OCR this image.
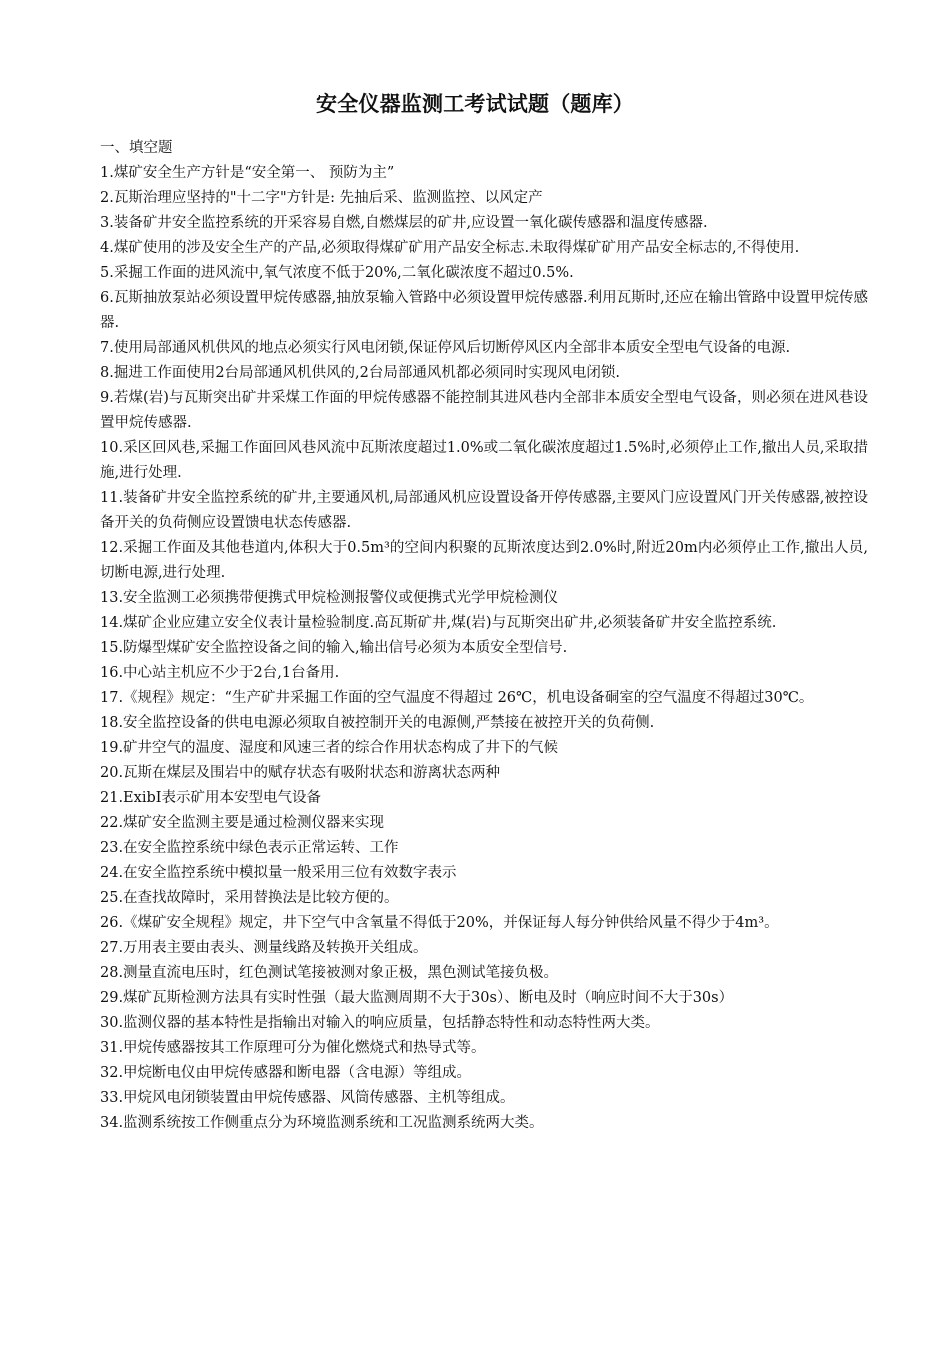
安全仪器监测工考试试题（题库）

一、填空题

1.煤矿安全生产方针是“安全第一、 预防为主”

2.瓦斯治理应坚持的"十二字"方针是: 先抽后采、监测监控、以风定产

3.装备矿井安全监控系统的开采容易自燃,自燃煤层的矿井,应设置一氧化碳传感器和温度传感器.

4.煤矿使用的涉及安全生产的产品,必须取得煤矿矿用产品安全标志.未取得煤矿矿用产品安全标志的,不得使用.

5.采掘工作面的进风流中,氧气浓度不低于20%,二氧化碳浓度不超过0.5%.

6.瓦斯抽放泵站必须设置甲烷传感器,抽放泵输入管路中必须设置甲烷传感器.利用瓦斯时,还应在输出管路中设置甲烷传感器.

7.使用局部通风机供风的地点必须实行风电闭锁,保证停风后切断停风区内全部非本质安全型电气设备的电源.

8.掘进工作面使用2台局部通风机供风的,2台局部通风机都必须同时实现风电闭锁.

9.若煤(岩)与瓦斯突出矿井采煤工作面的甲烷传感器不能控制其进风巷内全部非本质安全型电气设备，则必须在进风巷设置甲烷传感器.

10.采区回风巷,采掘工作面回风巷风流中瓦斯浓度超过1.0%或二氧化碳浓度超过1.5%时,必须停止工作,撤出人员,采取措施,进行处理.

11.装备矿井安全监控系统的矿井,主要通风机,局部通风机应设置设备开停传感器,主要风门应设置风门开关传感器,被控设备开关的负荷侧应设置馈电状态传感器.

12.采掘工作面及其他巷道内,体积大于0.5m³的空间内积聚的瓦斯浓度达到2.0%时,附近20m内必须停止工作,撤出人员,切断电源,进行处理.

13.安全监测工必须携带便携式甲烷检测报警仪或便携式光学甲烷检测仪

14.煤矿企业应建立安全仪表计量检验制度.高瓦斯矿井,煤(岩)与瓦斯突出矿井,必须装备矿井安全监控系统.

15.防爆型煤矿安全监控设备之间的输入,输出信号必须为本质安全型信号.

16.中心站主机应不少于2台,1台备用.

17.《规程》规定：“生产矿井采掘工作面的空气温度不得超过 26℃，机电设备硐室的空气温度不得超过30℃。

18.安全监控设备的供电电源必须取自被控制开关的电源侧,严禁接在被控开关的负荷侧.

19.矿井空气的温度、湿度和风速三者的综合作用状态构成了井下的气候

20.瓦斯在煤层及围岩中的赋存状态有吸附状态和游离状态两种

21.ExibI表示矿用本安型电气设备

22.煤矿安全监测主要是通过检测仪器来实现

23.在安全监控系统中绿色表示正常运转、工作

24.在安全监控系统中模拟量一般采用三位有效数字表示

25.在查找故障时，采用替换法是比较方便的。

26.《煤矿安全规程》规定，井下空气中含氧量不得低于20%，并保证每人每分钟供给风量不得少于4m³。

27.万用表主要由表头、测量线路及转换开关组成。

28.测量直流电压时，红色测试笔接被测对象正极，黑色测试笔接负极。

29.煤矿瓦斯检测方法具有实时性强（最大监测周期不大于30s）、断电及时（响应时间不大于30s）

30.监测仪器的基本特性是指输出对输入的响应质量，包括静态特性和动态特性两大类。

31.甲烷传感器按其工作原理可分为催化燃烧式和热导式等。

32.甲烷断电仪由甲烷传感器和断电器（含电源）等组成。

33.甲烷风电闭锁装置由甲烷传感器、风筒传感器、主机等组成。

34.监测系统按工作侧重点分为环境监测系统和工况监测系统两大类。
